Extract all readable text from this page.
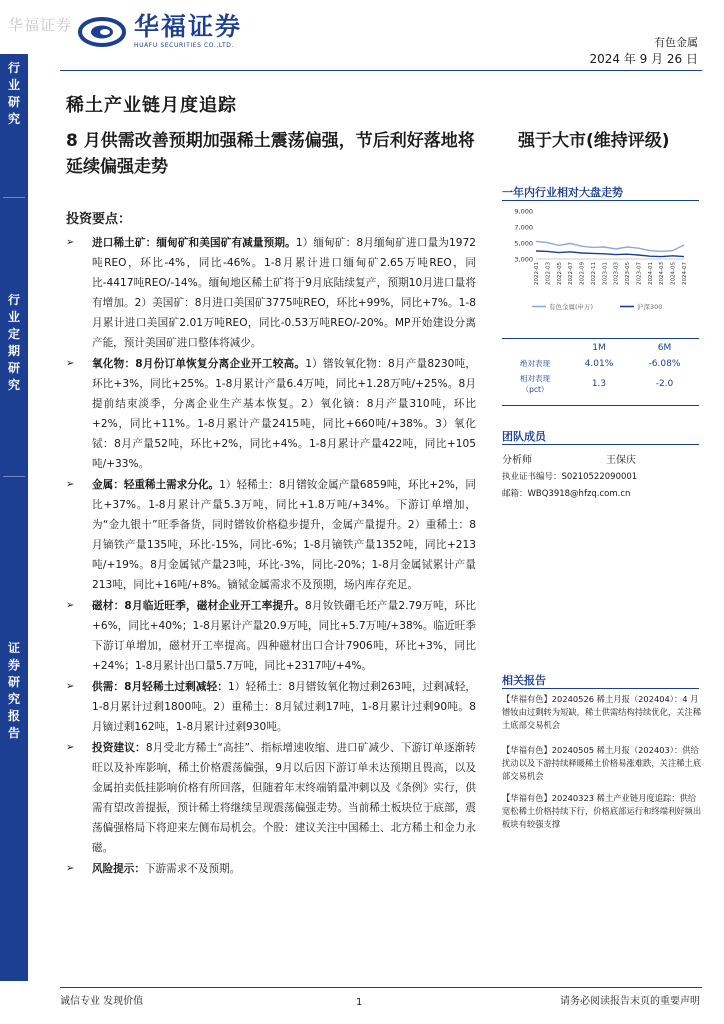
华福证券 华福证券
HUAFU SECURITIES CO.,LTD.	有色金属
2024 年 9 月 26 日
行业研究
行业定期研究
证券研究报告
稀土产业链月度追踪
8 月供需改善预期加强稀土震荡偏强，节后利好落地将延续偏强走势
强于大市(维持评级)
投资要点：
➢ 进口稀土矿：缅甸矿和美国矿有减量预期。1）缅甸矿：8月缅甸矿进口量为1972吨REO，环比-4%，同比-46%。1-8月累计进口缅甸矿2.65万吨REO，同比-4417吨REO/-14%。缅甸地区稀土矿将于9月底陆续复产，预期10月进口量将有增加。2）美国矿：8月进口美国矿3775吨REO，环比+99%，同比+7%。1-8月累计进口美国矿2.01万吨REO，同比-0.53万吨REO/-20%。MP开始建设分离产能，预计美国矿进口整体将减少。
➢ 氧化物：8月份订单恢复分离企业开工较高。1）镨钕氧化物：8月产量8230吨，环比+3%，同比+25%。1-8月累计产量6.4万吨，同比+1.28万吨/+25%。8月提前结束淡季，分离企业生产基本恢复。2）氧化镝：8月产量310吨，环比+2%，同比+11%。1-8月累计产量2415吨，同比+660吨/+38%。3）氧化铽：8月产量52吨，环比+2%，同比+4%。1-8月累计产量422吨，同比+105吨/+33%。
➢ 金属：轻重稀土需求分化。1）轻稀土：8月镨钕金属产量6859吨，环比+2%，同比+37%。1-8月累计产量5.3万吨，同比+1.8万吨/+34%。下游订单增加，为“金九银十”旺季备货，同时镨钕价格稳步提升，金属产量提升。2）重稀土：8月镝铁产量135吨，环比-15%，同比-6%；1-8月镝铁产量1352吨，同比+213吨/+19%。8月金属铽产量23吨，环比-3%，同比-20%；1-8月金属铽累计产量213吨，同比+16吨/+8%。镝铽金属需求不及预期，场内库存充足。
➢ 磁材：8月临近旺季，磁材企业开工率提升。8月钕铁硼毛坯产量2.79万吨，环比+6%，同比+40%；1-8月累计产量20.9万吨，同比+5.7万吨/+38%。临近旺季下游订单增加，磁材开工率提高。四种磁材出口合计7906吨，环比+3%，同比+24%；1-8月累计出口量5.7万吨，同比+2317吨/+4%。
➢ 供需：8月轻稀土过剩减轻：1）轻稀土：8月镨钕氧化物过剩263吨，过剩减轻，1-8月累计过剩1800吨。2）重稀土：8月铽过剩17吨，1-8月累计过剩90吨。8月镝过剩162吨，1-8月累计过剩930吨。
➢ 投资建议：8月受北方稀土“高挂”、指标增速收缩、进口矿减少、下游订单逐渐转旺以及补库影响，稀土价格震荡偏强，9月以后因下游订单未达预期且畏高，以及金属拍卖低挂影响价格有所回落，但随着年末终端销量冲刺以及《条例》实行，供需有望改善提振，预计稀土将继续呈现震荡偏强走势。当前稀土板块位于底部，震荡偏强格局下将迎来左侧布局机会。个股：建议关注中国稀土、北方稀土和金力永磁。
➢ 风险提示：下游需求不及预期。
一年内行业相对大盘走势
9,000
7,000
5,000
3,000
2022-01 2022-03 2022-05 2022-07 2022-09 2022-11 2023-01 2023-03 2023-05 2023-07 2024-01 2024-03 2024-05 2024-07
有色金属(申万)	沪深300
	1M	6M
绝对表现	4.01%	-6.08%
相对表现
（pct）	1.3	-2.0
团队成员
分析师	王保庆
执业证书编号：S0210522090001
邮箱：WBQ3918@hfzq.com.cn
相关报告
【华福有色】20240526 稀土月报（202404）：4 月镨钕由过剩转为短缺，稀土供需结构持续优化，关注稀土底部交易机会
【华福有色】20240505 稀土月报（202403）：供给扰动以及下游持续释暖稀土价格易涨难跌，关注稀土底部交易机会
【华福有色】20240323 稀土产业链月度追踪：供给宽松稀土价格持续下行，价格底部运行和终端利好频出板块有较强支撑
诚信专业 发现价值	1	请务必阅读报告末页的重要声明
